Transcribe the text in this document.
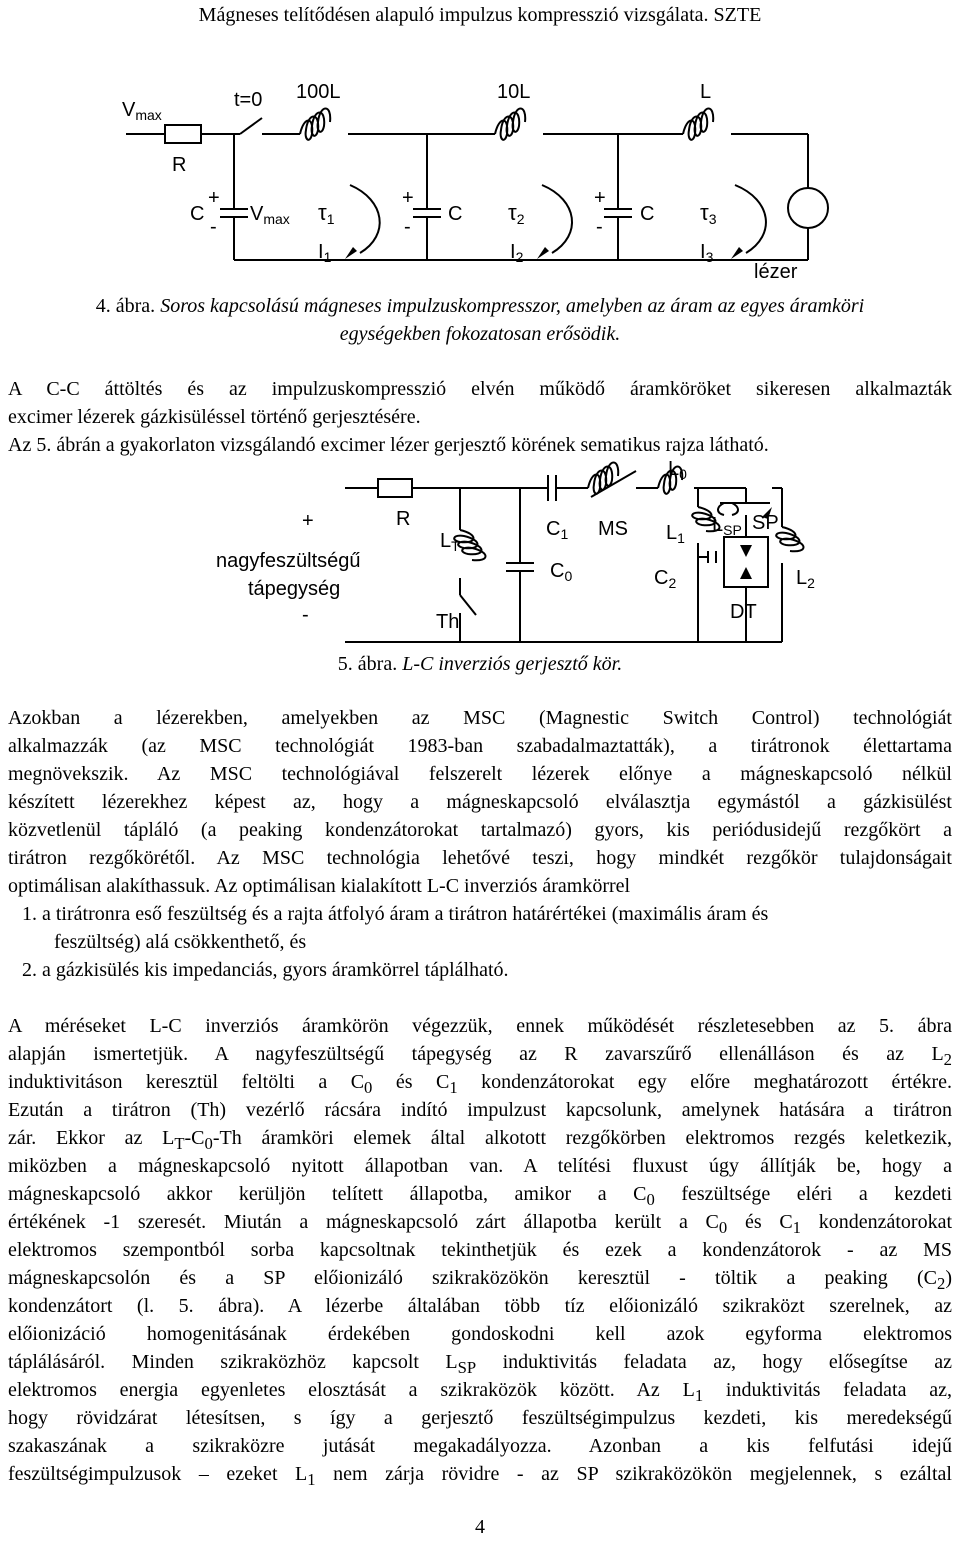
Mágneses telítődésen alapuló impulzus kompresszió vizsgálata. SZTE
$V_{max}$
t=0 100L	10L	L
R
+
-
C $V_{max}$ $\tau_1$
$I_1$
+
-
C $\tau_2$
$I_2$
+
-
C $\tau_3$
$I_3$
lézer
4. ábra. Soros kapcsolású mágneses impulzuskompresszor, amelyben az áram az egyes áramköri
egységekben fokozatosan erősödik.
A C-C áttöltés és az impulzuskompresszió elvén működő áramköröket sikeresen alkalmazták
excimer lézerek gázkisüléssel történő gerjesztésére.
Az 5. ábrán a gyakorlaton vizsgálandó excimer lézer gerjesztő körének sematikus rajza látható.
+
-
R
$L_T$
nagyfeszültségű
tápegység
Th
$C_1$
$C_0$
MS
$L_0$
$L_1$
$L_{SP}$ SP
$C_2$	$L_2$
DT
5. ábra. L-C inverziós gerjesztő kör.
Azokban a lézerekben, amelyekben az MSC (Magnestic Switch Control) technológiát
alkalmazzák (az MSC technológiát 1983-ban szabadalmaztatták), a tirátronok élettartama
megnövekszik. Az MSC technológiával felszerelt lézerek előnye a mágneskapcsoló nélkül
készített lézerekhez képest az, hogy a mágneskapcsoló elválasztja egymástól a gázkisülést
közvetlenül tápláló (a peaking kondenzátorokat tartalmazó) gyors, kis periódusidejű rezgőkört a
tirátron rezgőkörétől. Az MSC technológia lehetővé teszi, hogy mindkét rezgőkör tulajdonságait
optimálisan alakíthassuk. Az optimálisan kialakított L-C inverziós áramkörrel
1. a tirátronra eső feszültség és a rajta átfolyó áram a tirátron határértékei (maximális áram és
feszültség) alá csökkenthető, és
2. a gázkisülés kis impedanciás, gyors áramkörrel táplálható.
A méréseket L-C inverziós áramkörön végezzük, ennek működését részletesebben az 5. ábra
alapján ismertetjük. A nagyfeszültségű tápegység az R zavarszűrő ellenálláson és az $L_2$
induktivitáson keresztül feltölti a $C_0$ és $C_1$ kondenzátorokat egy előre meghatározott értékre.
Ezután a tirátron (Th) vezérlő rácsára indító impulzust kapcsolunk, amelynek hatására a tirátron
zár. Ekkor az $L_T-C_0-Th$ áramköri elemek által alkotott rezgőkörben elektromos rezgés keletkezik,
miközben a mágneskapcsoló nyitott állapotban van. A telítési fluxust úgy állítják be, hogy a
mágneskapcsoló akkor kerüljön telített állapotba, amikor a $C_0$ feszültsége eléri a kezdeti
értékének -1 szeresét. Miután a mágneskapcsoló zárt állapotba került a $C_0$ és $C_1$ kondenzátorokat
elektromos szempontból sorba kapcsoltnak tekinthetjük és ezek a kondenzátorok - az MS
mágneskapcsolón és a SP előionizáló szikraközökön keresztül - töltik a peaking $(C_2)$
kondenzátort (l. 5. ábra). A lézerbe általában több tíz előionizáló szikraközt szerelnek, az
előionizáció homogenitásának érdekében gondoskodni kell azok egyforma elektromos
táplálásáról. Minden szikraközhöz kapcsolt $L_{SP}$ induktivitás feladata az, hogy elősegítse az
elektromos energia egyenletes elosztását a szikraközök között. Az $L_1$ induktivitás feladata az,
hogy rövidzárat létesítsen, s így a gerjesztő feszültségimpulzus kezdeti, kis meredekségű
szakaszának a szikraközre jutását megakadályozza. Azonban a kis felfutási idejű
feszültségimpulzusok – ezeket $L_1$ nem zárja rövidre - az SP szikraközökön megjelennek, s ezáltal
4
